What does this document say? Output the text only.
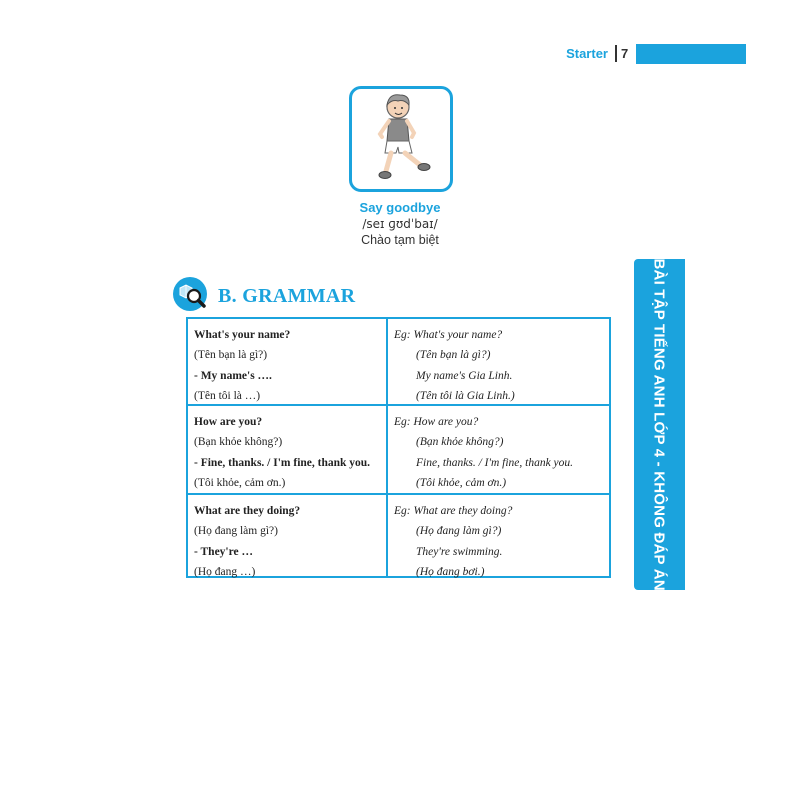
Starter 7
Say goodbye
/seɪ ɡʊdˈbaɪ/
Chào tạm biệt
B. GRAMMAR
What's your name?
(Tên bạn là gì?)
- My name's ….
(Tên tôi là …)
Eg: What's your name?
(Tên bạn là gì?)
My name's Gia Linh.
(Tên tôi là Gia Linh.)
How are you?
(Bạn khỏe không?)
- Fine, thanks. / I'm fine, thank you.
(Tôi khỏe, cảm ơn.)
Eg: How are you?
(Bạn khỏe không?)
Fine, thanks. / I'm fine, thank you.
(Tôi khỏe, cảm ơn.)
What are they doing?
(Họ đang làm gì?)
- They're …
(Họ đang …)
Eg: What are they doing?
(Họ đang làm gì?)
They're swimming.
(Họ đang bơi.)	BÀI TẬP TIẾNG ANH LỚP 4 - KHÔNG ĐÁP ÁN
